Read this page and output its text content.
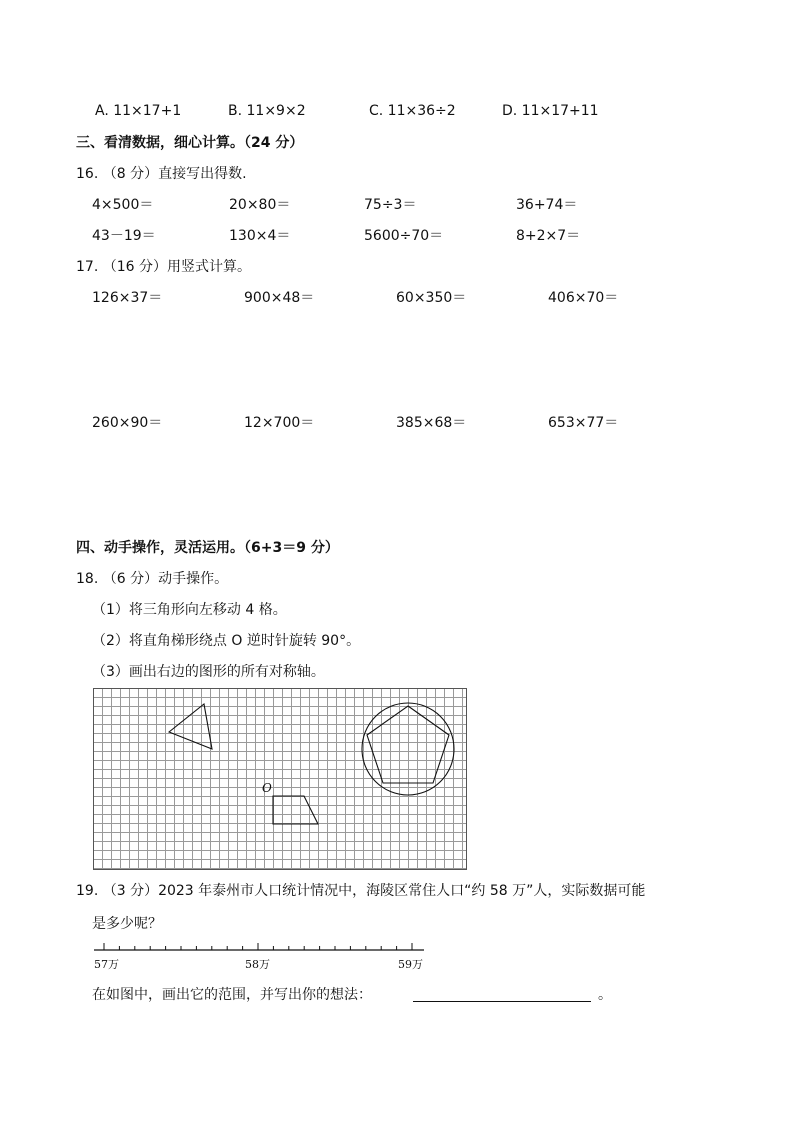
A. 11×17+1	B. 11×9×2	C. 11×36÷2	D. 11×17+11
三、看清数据，细心计算。（24 分）
16. （8 分）直接写出得数.
4×500＝	20×80＝	75÷3＝	36+74＝
43－19＝	130×4＝	5600÷70＝	8+2×7＝
17. （16 分）用竖式计算。
126×37＝	900×48＝	60×350＝	406×70＝
260×90＝	12×700＝	385×68＝	653×77＝
四、动手操作，灵活运用。（6+3＝9 分）
18. （6 分）动手操作。
（1）将三角形向左移动 4 格。
（2）将直角梯形绕点 O 逆时针旋转 90°。
（3）画出右边的图形的所有对称轴。
O
19. （3 分）2023 年泰州市人口统计情况中，海陵区常住人口“约 58 万”人，实际数据可能
是多少呢？
57万	58万	59万
在如图中，画出它的范围，并写出你的想法：	。
